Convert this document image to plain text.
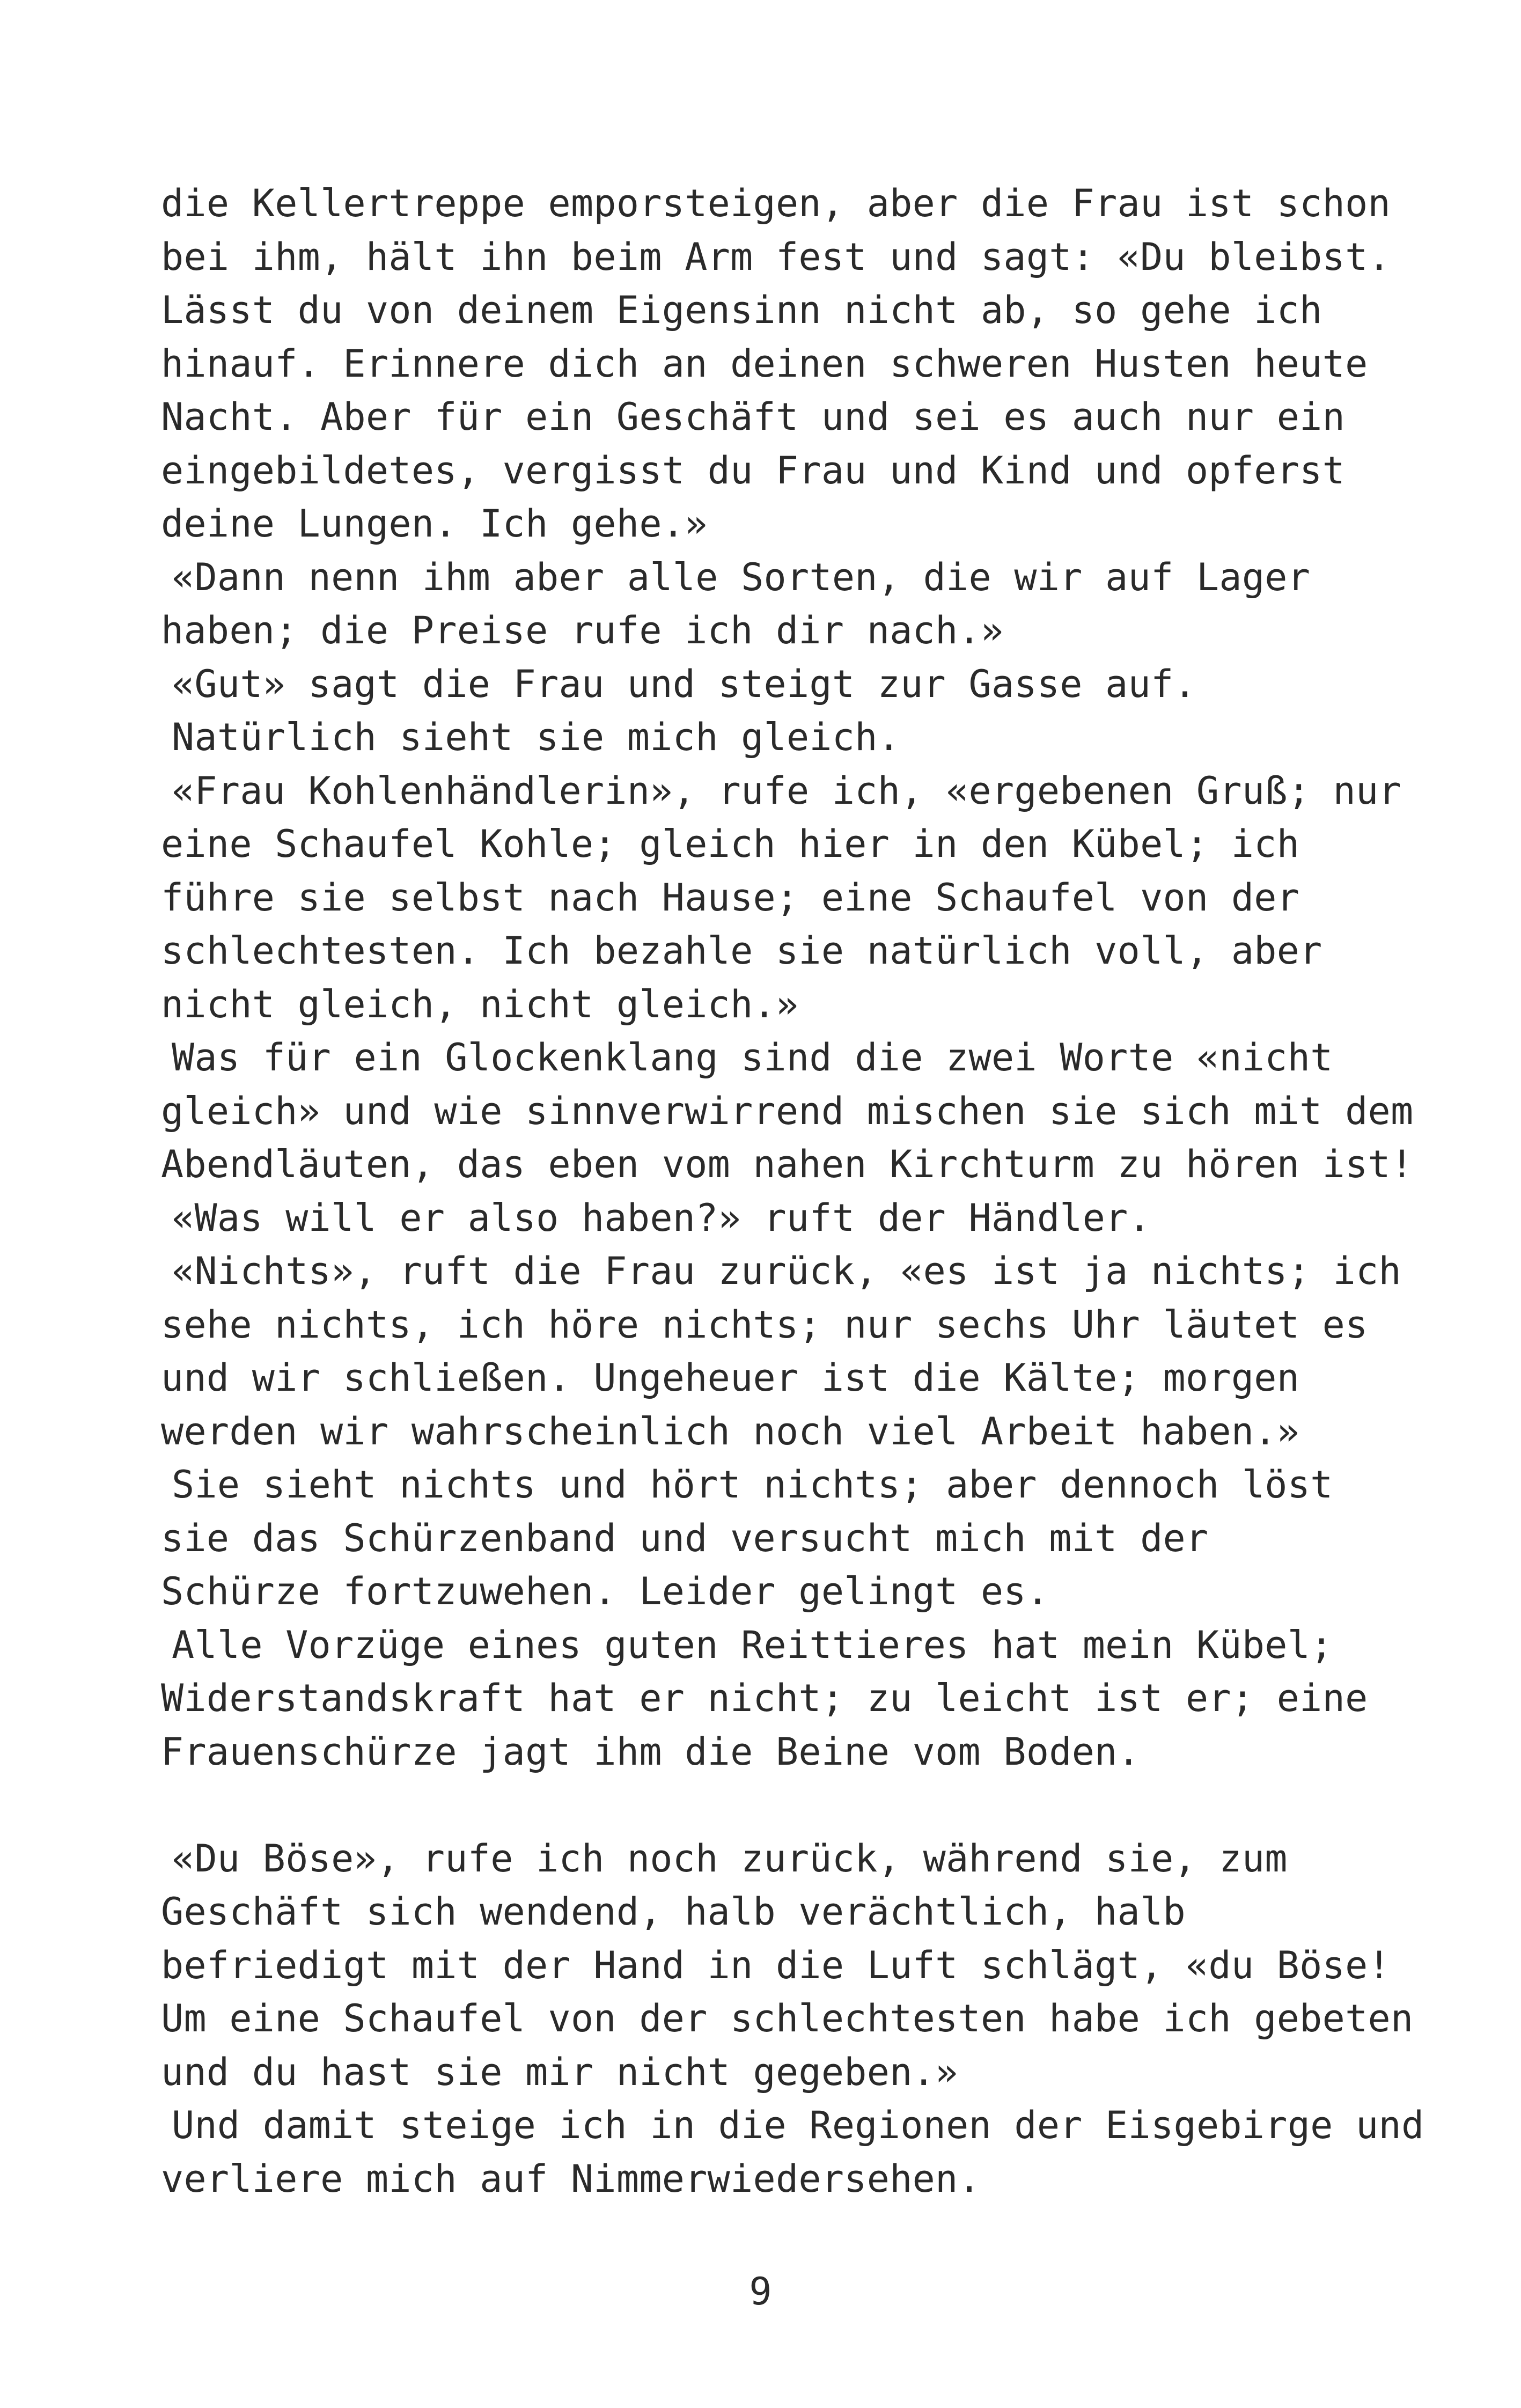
die Kellertreppe emporsteigen, aber die Frau ist schon
bei ihm, hält ihn beim Arm fest und sagt: «Du bleibst.
Lässt du von deinem Eigensinn nicht ab, so gehe ich
hinauf. Erinnere dich an deinen schweren Husten heute
Nacht. Aber für ein Geschäft und sei es auch nur ein
eingebildetes, vergisst du Frau und Kind und opferst
deine Lungen. Ich gehe.»
«Dann nenn ihm aber alle Sorten, die wir auf Lager
haben; die Preise rufe ich dir nach.»
«Gut» sagt die Frau und steigt zur Gasse auf.
Natürlich sieht sie mich gleich.
«Frau Kohlenhändlerin», rufe ich, «ergebenen Gruß; nur
eine Schaufel Kohle; gleich hier in den Kübel; ich
führe sie selbst nach Hause; eine Schaufel von der
schlechtesten. Ich bezahle sie natürlich voll, aber
nicht gleich, nicht gleich.»
Was für ein Glockenklang sind die zwei Worte «nicht
gleich» und wie sinnverwirrend mischen sie sich mit dem
Abendläuten, das eben vom nahen Kirchturm zu hören ist!
«Was will er also haben?» ruft der Händler.
«Nichts», ruft die Frau zurück, «es ist ja nichts; ich
sehe nichts, ich höre nichts; nur sechs Uhr läutet es
und wir schließen. Ungeheuer ist die Kälte; morgen
werden wir wahrscheinlich noch viel Arbeit haben.»
Sie sieht nichts und hört nichts; aber dennoch löst
sie das Schürzenband und versucht mich mit der
Schürze fortzuwehen. Leider gelingt es.
Alle Vorzüge eines guten Reittieres hat mein Kübel;
Widerstandskraft hat er nicht; zu leicht ist er; eine
Frauenschürze jagt ihm die Beine vom Boden.
«Du Böse», rufe ich noch zurück, während sie, zum
Geschäft sich wendend, halb verächtlich, halb
befriedigt mit der Hand in die Luft schlägt, «du Böse!
Um eine Schaufel von der schlechtesten habe ich gebeten
und du hast sie mir nicht gegeben.»
Und damit steige ich in die Regionen der Eisgebirge und
verliere mich auf Nimmerwiedersehen.
9
